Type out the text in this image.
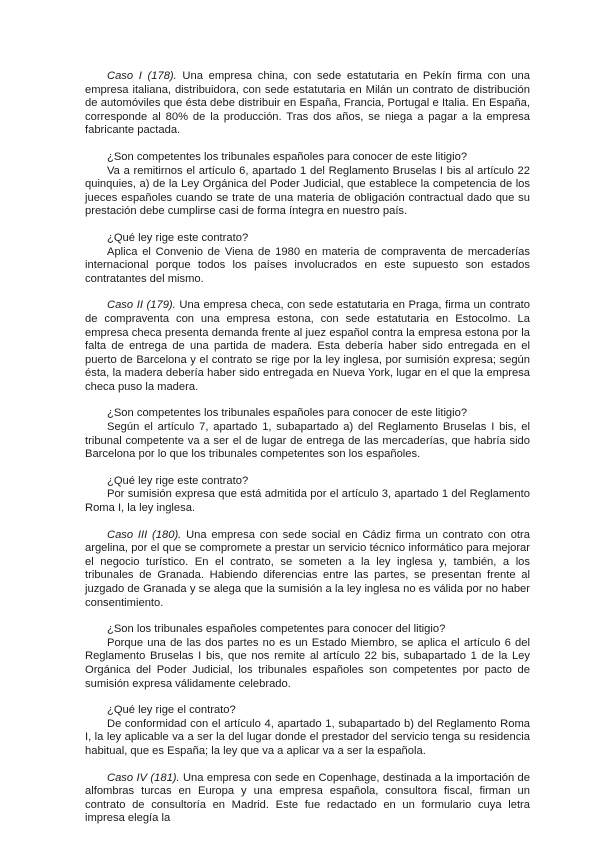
Caso I (178). Una empresa china, con sede estatutaria en Pekín firma con una empresa italiana, distribuidora, con sede estatutaria en Milán un contrato de distribución de automóviles que ésta debe distribuir en España, Francia, Portugal e Italia. En España, corresponde al 80% de la producción. Tras dos años, se niega a pagar a la empresa fabricante pactada.

¿Son competentes los tribunales españoles para conocer de este litigio?

Va a remitirnos el artículo 6, apartado 1 del Reglamento Bruselas I bis al artículo 22 quinquies, a) de la Ley Orgánica del Poder Judicial, que establece la competencia de los jueces españoles cuando se trate de una materia de obligación contractual dado que su prestación debe cumplirse casi de forma íntegra en nuestro país.

¿Qué ley rige este contrato?

Aplica el Convenio de Viena de 1980 en materia de compraventa de mercaderías internacional porque todos los países involucrados en este supuesto son estados contratantes del mismo.

Caso II (179). Una empresa checa, con sede estatutaria en Praga, firma un contrato de compraventa con una empresa estona, con sede estatutaria en Estocolmo. La empresa checa presenta demanda frente al juez español contra la empresa estona por la falta de entrega de una partida de madera. Esta debería haber sido entregada en el puerto de Barcelona y el contrato se rige por la ley inglesa, por sumisión expresa; según ésta, la madera debería haber sido entregada en Nueva York, lugar en el que la empresa checa puso la madera.

¿Son competentes los tribunales españoles para conocer de este litigio?

Según el artículo 7, apartado 1, subapartado a) del Reglamento Bruselas I bis, el tribunal competente va a ser el de lugar de entrega de las mercaderías, que habría sido Barcelona por lo que los tribunales competentes son los españoles.

¿Qué ley rige este contrato?

Por sumisión expresa que está admitida por el artículo 3, apartado 1 del Reglamento Roma I, la ley inglesa.

Caso III (180). Una empresa con sede social en Cádiz firma un contrato con otra argelina, por el que se compromete a prestar un servicio técnico informático para mejorar el negocio turístico. En el contrato, se someten a la ley inglesa y, también, a los tribunales de Granada. Habiendo diferencias entre las partes, se presentan frente al juzgado de Granada y se alega que la sumisión a la ley inglesa no es válida por no haber consentimiento.

¿Son los tribunales españoles competentes para conocer del litigio?

Porque una de las dos partes no es un Estado Miembro, se aplica el artículo 6 del Reglamento Bruselas I bis, que nos remite al artículo 22 bis, subapartado 1 de la Ley Orgánica del Poder Judicial, los tribunales españoles son competentes por pacto de sumisión expresa válidamente celebrado.

¿Qué ley rige el contrato?

De conformidad con el artículo 4, apartado 1, subapartado b) del Reglamento Roma I, la ley aplicable va a ser la del lugar donde el prestador del servicio tenga su residencia habitual, que es España; la ley que va a aplicar va a ser la española.

Caso IV (181). Una empresa con sede en Copenhage, destinada a la importación de alfombras turcas en Europa y una empresa española, consultora fiscal, firman un contrato de consultoría en Madrid. Este fue redactado en un formulario cuya letra impresa elegía la
